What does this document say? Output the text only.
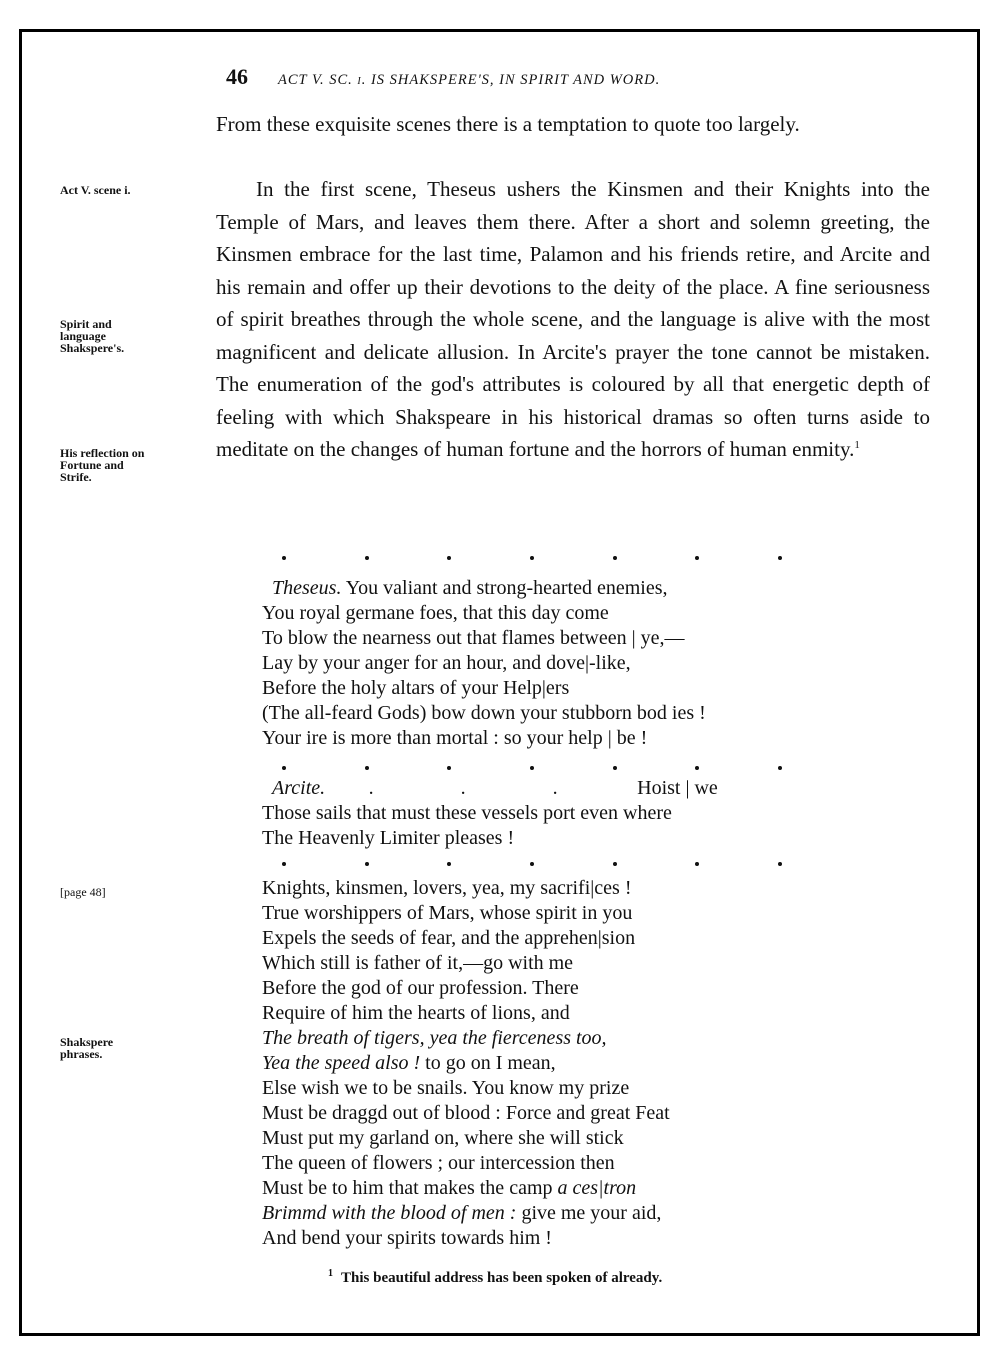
46 ACT V. SC. i. IS SHAKSPERE'S, IN SPIRIT AND WORD.

From these exquisite scenes there is a temptation to quote too largely.

In the first scene, Theseus ushers the Kinsmen and their Knights into the Temple of Mars, and leaves them there. After a short and solemn greeting, the Kinsmen embrace for the last time, Palamon and his friends retire, and Arcite and his remain and offer up their devotions to the deity of the place. A fine seriousness of spirit breathes through the whole scene, and the language is alive with the most magnificent and delicate allusion. In Arcite's prayer the tone cannot be mistaken. The enumeration of the god's attributes is coloured by all that energetic depth of feeling with which Shakspeare in his historical dramas so often turns aside to meditate on the changes of human fortune and the horrors of human enmity.$^1$

Act V. scene i.
Spirit and
language
Shakspere's.
His reflection on
Fortune and
Strife.
[page 48]
Shakspere
phrases.
Theseus. You valiant and strong-hearted enemies,
You royal germane foes, that this day come
To blow the nearness out that flames between | ye,—
Lay by your anger for an hour, and dove|-like,
Before the holy altars of your Help|ers
(The all-feard Gods) bow down your stubborn bod ies !
Your ire is more than mortal : so your help | be !
Arcite. .	.	.	Hoist | we
Those sails that must these vessels port even where
The Heavenly Limiter pleases !
Knights, kinsmen, lovers, yea, my sacrifi|ces !
True worshippers of Mars, whose spirit in you
Expels the seeds of fear, and the apprehen|sion
Which still is father of it,—go with me
Before the god of our profession. There
Require of him the hearts of lions, and
The breath of tigers, yea the fierceness too,
Yea the speed also ! to go on I mean,
Else wish we to be snails. You know my prize
Must be draggd out of blood : Force and great Feat
Must put my garland on, where she will stick
The queen of flowers ; our intercession then
Must be to him that makes the camp a ces|tron
Brimmd with the blood of men : give me your aid,
And bend your spirits towards him !
$^1$ This beautiful address has been spoken of already.
